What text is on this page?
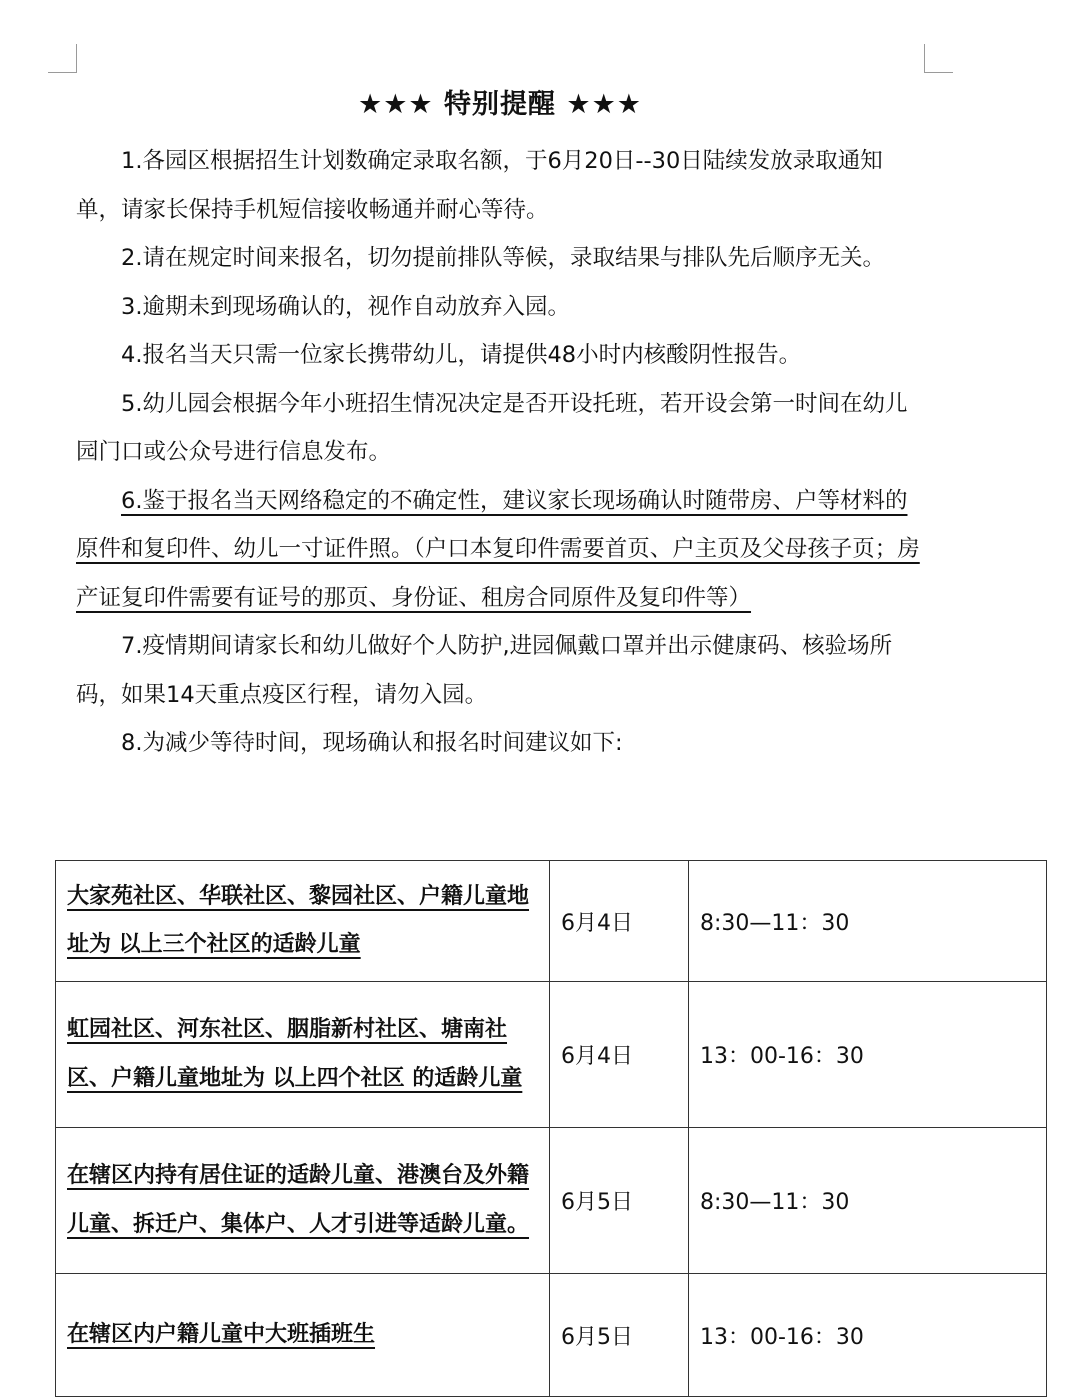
★★★ 特别提醒 ★★★

1.各园区根据招生计划数确定录取名额，于6月20日--30日陆续发放录取通知单，请家长保持手机短信接收畅通并耐心等待。

2.请在规定时间来报名，切勿提前排队等候，录取结果与排队先后顺序无关。

3.逾期未到现场确认的，视作自动放弃入园。

4.报名当天只需一位家长携带幼儿，请提供48小时内核酸阴性报告。

5.幼儿园会根据今年小班招生情况决定是否开设托班，若开设会第一时间在幼儿园门口或公众号进行信息发布。

6.鉴于报名当天网络稳定的不确定性，建议家长现场确认时随带房、户等材料的原件和复印件、幼儿一寸证件照。（户口本复印件需要首页、户主页及父母孩子页；房产证复印件需要有证号的那页、身份证、租房合同原件及复印件等）

7.疫情期间请家长和幼儿做好个人防护,进园佩戴口罩并出示健康码、核验场所码，如果14天重点疫区行程，请勿入园。

8.为减少等待时间，现场确认和报名时间建议如下:

大家苑社区、华联社区、黎园社区、户籍儿童地址为 以上三个社区的适龄儿童	6月4日	8:30—11：30
虹园社区、河东社区、胭脂新村社区、塘南社区、户籍儿童地址为 以上四个社区 的适龄儿童	6月4日	13：00-16：30
在辖区内持有居住证的适龄儿童、港澳台及外籍儿童、拆迁户、集体户、人才引进等适龄儿童。	6月5日	8:30—11：30
在辖区内户籍儿童中大班插班生	6月5日	13：00-16：30
